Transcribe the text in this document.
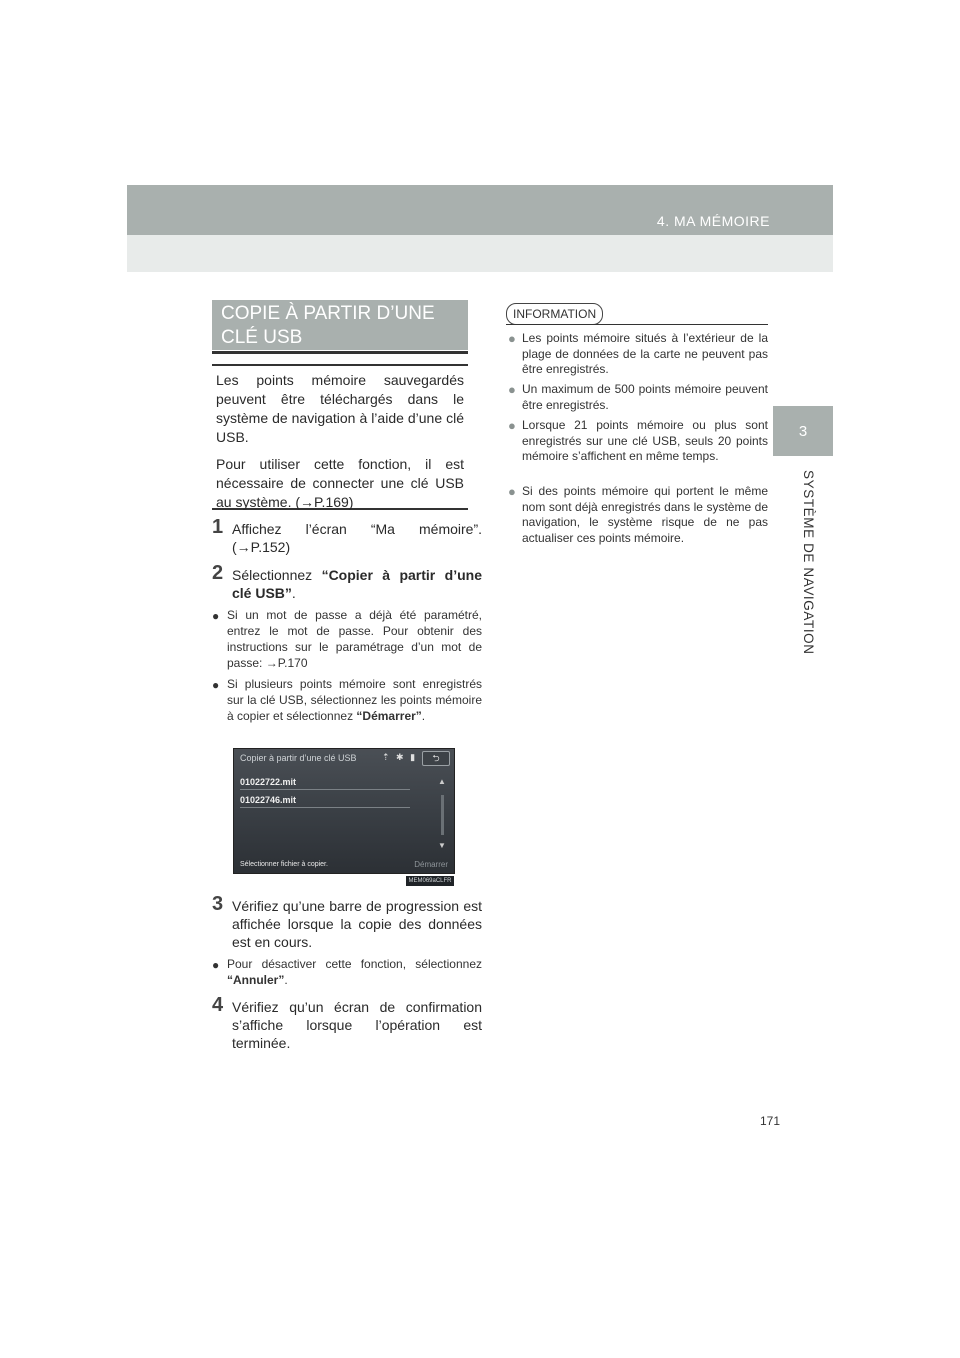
4. MA MÉMOIRE
3
SYSTÈME DE NAVIGATION
COPIE À PARTIR D’UNE CLÉ USB

Les points mémoire sauvegardés peuvent être téléchargés dans le système de navigation à l’aide d’une clé USB.

Pour utiliser cette fonction, il est nécessaire de connecter une clé USB au système. (→P.169)

1 Affichez l’écran “Ma mémoire”. (→P.152)
2 Sélectionnez “Copier à partir d’une clé USB”.
● Si un mot de passe a déjà été paramétré, entrez le mot de passe. Pour obtenir des instructions sur le paramétrage d’un mot de passe: →P.170
● Si plusieurs points mémoire sont enregistrés sur la clé USB, sélectionnez les points mémoire à copier et sélectionnez “Démarrer”.
Copier à partir d’une clé USB	⇡ ✱ ▮	⮌
01022722.mit
01022746.mit
▲
▼
Sélectionner fichier à copier.	Démarrer
MEM069aCLFR
3 Vérifiez qu’une barre de progression est affichée lorsque la copie des données est en cours.
● Pour désactiver cette fonction, sélectionnez “Annuler”.
4 Vérifiez qu’un écran de confirmation s’affiche lorsque l’opération est terminée.
INFORMATION
● Les points mémoire situés à l’extérieur de la plage de données de la carte ne peuvent pas être enregistrés.
● Un maximum de 500 points mémoire peuvent être enregistrés.
● Lorsque 21 points mémoire ou plus sont enregistrés sur une clé USB, seuls 20 points mémoire s’affichent en même temps.
● Si des points mémoire qui portent le même nom sont déjà enregistrés dans le système de navigation, le système risque de ne pas actualiser ces points mémoire.
171
